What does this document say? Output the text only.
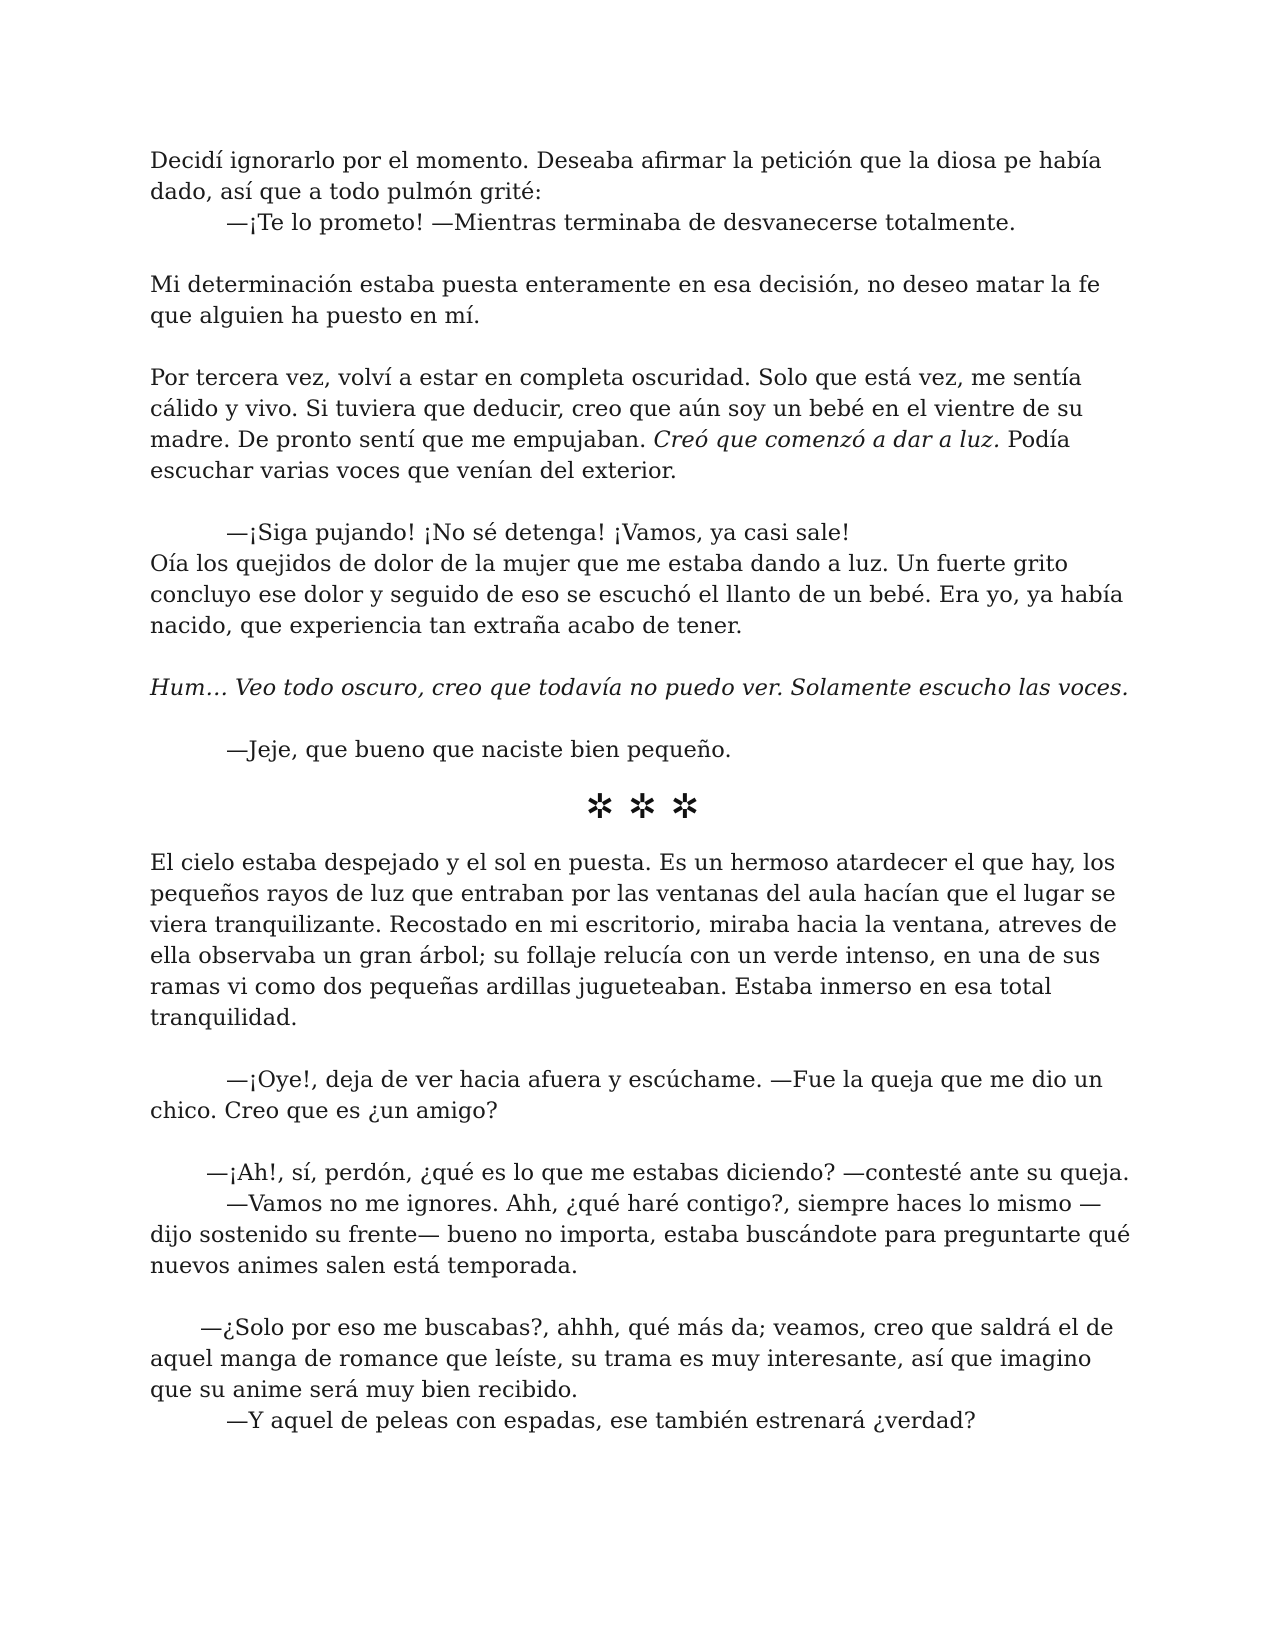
Decidí ignorarlo por el momento. Deseaba afirmar la petición que la diosa pe había dado, así que a todo pulmón grité:

—¡Te lo prometo! —Mientras terminaba de desvanecerse totalmente.

Mi determinación estaba puesta enteramente en esa decisión, no deseo matar la fe que alguien ha puesto en mí.

Por tercera vez, volví a estar en completa oscuridad. Solo que está vez, me sentía cálido y vivo. Si tuviera que deducir, creo que aún soy un bebé en el vientre de su madre. De pronto sentí que me empujaban. Creó que comenzó a dar a luz. Podía escuchar varias voces que venían del exterior.

—¡Siga pujando! ¡No sé detenga! ¡Vamos, ya casi sale!

Oía los quejidos de dolor de la mujer que me estaba dando a luz. Un fuerte grito concluyo ese dolor y seguido de eso se escuchó el llanto de un bebé. Era yo, ya había nacido, que experiencia tan extraña acabo de tener.

Hum… Veo todo oscuro, creo que todavía no puedo ver. Solamente escucho las voces.

—Jeje, que bueno que naciste bien pequeño.

✲✲✲

El cielo estaba despejado y el sol en puesta. Es un hermoso atardecer el que hay, los pequeños rayos de luz que entraban por las ventanas del aula hacían que el lugar se viera tranquilizante. Recostado en mi escritorio, miraba hacia la ventana, atreves de ella observaba un gran árbol; su follaje relucía con un verde intenso, en una de sus ramas vi como dos pequeñas ardillas jugueteaban. Estaba inmerso en esa total tranquilidad.

—¡Oye!, deja de ver hacia afuera y escúchame. —Fue la queja que me dio un chico. Creo que es ¿un amigo?

—¡Ah!, sí, perdón, ¿qué es lo que me estabas diciendo? —contesté ante su queja.

—Vamos no me ignores. Ahh, ¿qué haré contigo?, siempre haces lo mismo —dijo sostenido su frente— bueno no importa, estaba buscándote para preguntarte qué nuevos animes salen está temporada.

—¿Solo por eso me buscabas?, ahhh, qué más da; veamos, creo que saldrá el de aquel manga de romance que leíste, su trama es muy interesante, así que imagino que su anime será muy bien recibido.

—Y aquel de peleas con espadas, ese también estrenará ¿verdad?
